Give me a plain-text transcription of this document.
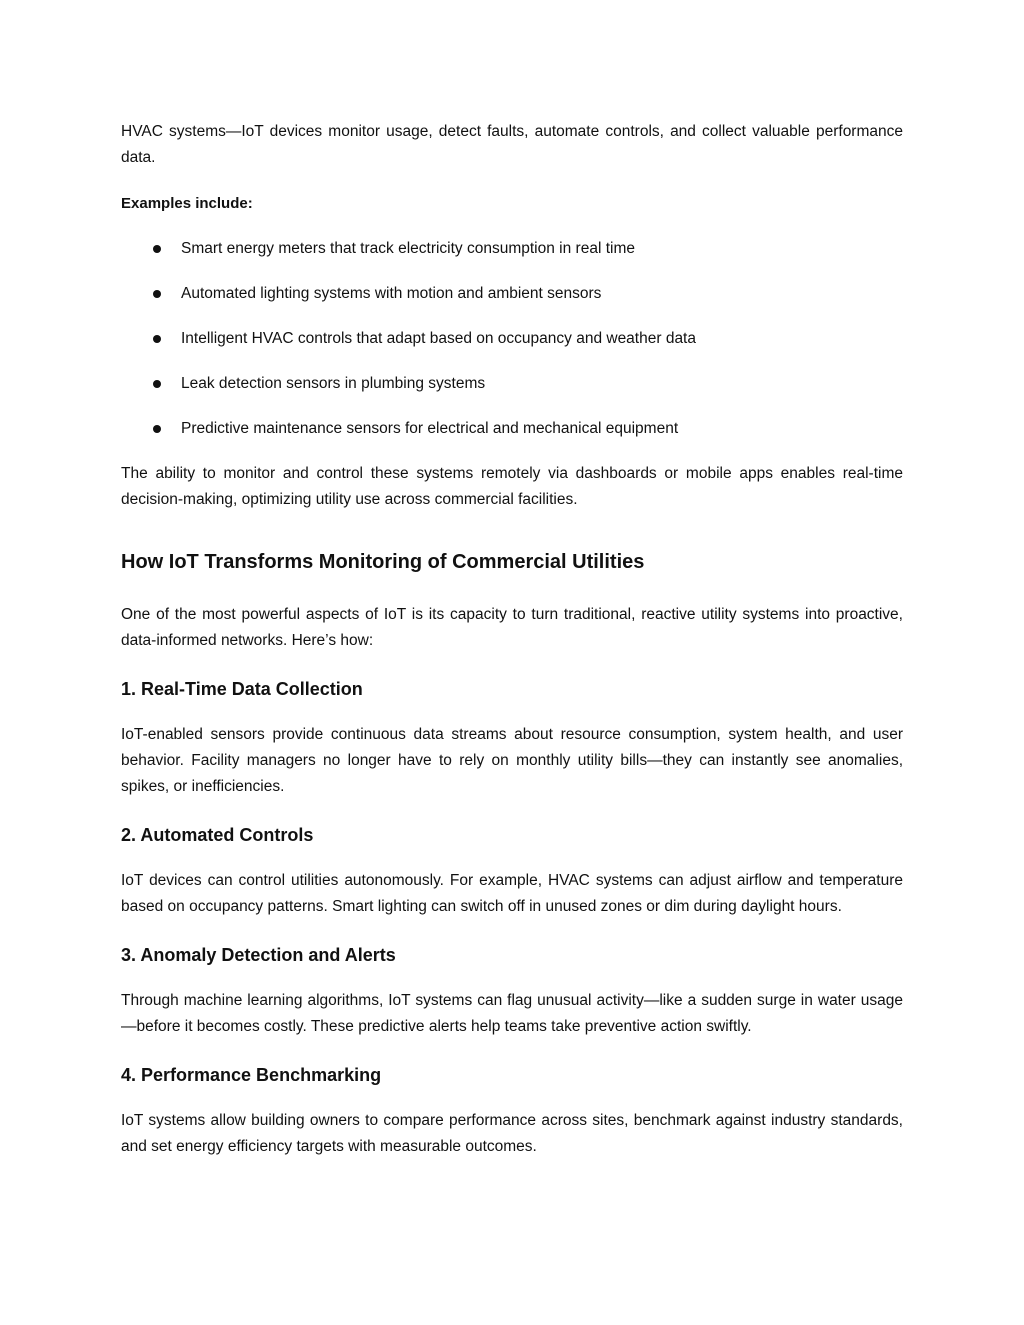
HVAC systems—IoT devices monitor usage, detect faults, automate controls, and collect valuable performance data.

Examples include:
Smart energy meters that track electricity consumption in real time
Automated lighting systems with motion and ambient sensors
Intelligent HVAC controls that adapt based on occupancy and weather data
Leak detection sensors in plumbing systems
Predictive maintenance sensors for electrical and mechanical equipment

The ability to monitor and control these systems remotely via dashboards or mobile apps enables real-time decision-making, optimizing utility use across commercial facilities.

How IoT Transforms Monitoring of Commercial Utilities

One of the most powerful aspects of IoT is its capacity to turn traditional, reactive utility systems into proactive, data-informed networks. Here’s how:

1. Real-Time Data Collection

IoT-enabled sensors provide continuous data streams about resource consumption, system health, and user behavior. Facility managers no longer have to rely on monthly utility bills—they can instantly see anomalies, spikes, or inefficiencies.

2. Automated Controls

IoT devices can control utilities autonomously. For example, HVAC systems can adjust airflow and temperature based on occupancy patterns. Smart lighting can switch off in unused zones or dim during daylight hours.

3. Anomaly Detection and Alerts

Through machine learning algorithms, IoT systems can flag unusual activity—like a sudden surge in water usage—before it becomes costly. These predictive alerts help teams take preventive action swiftly.

4. Performance Benchmarking

IoT systems allow building owners to compare performance across sites, benchmark against industry standards, and set energy efficiency targets with measurable outcomes.
